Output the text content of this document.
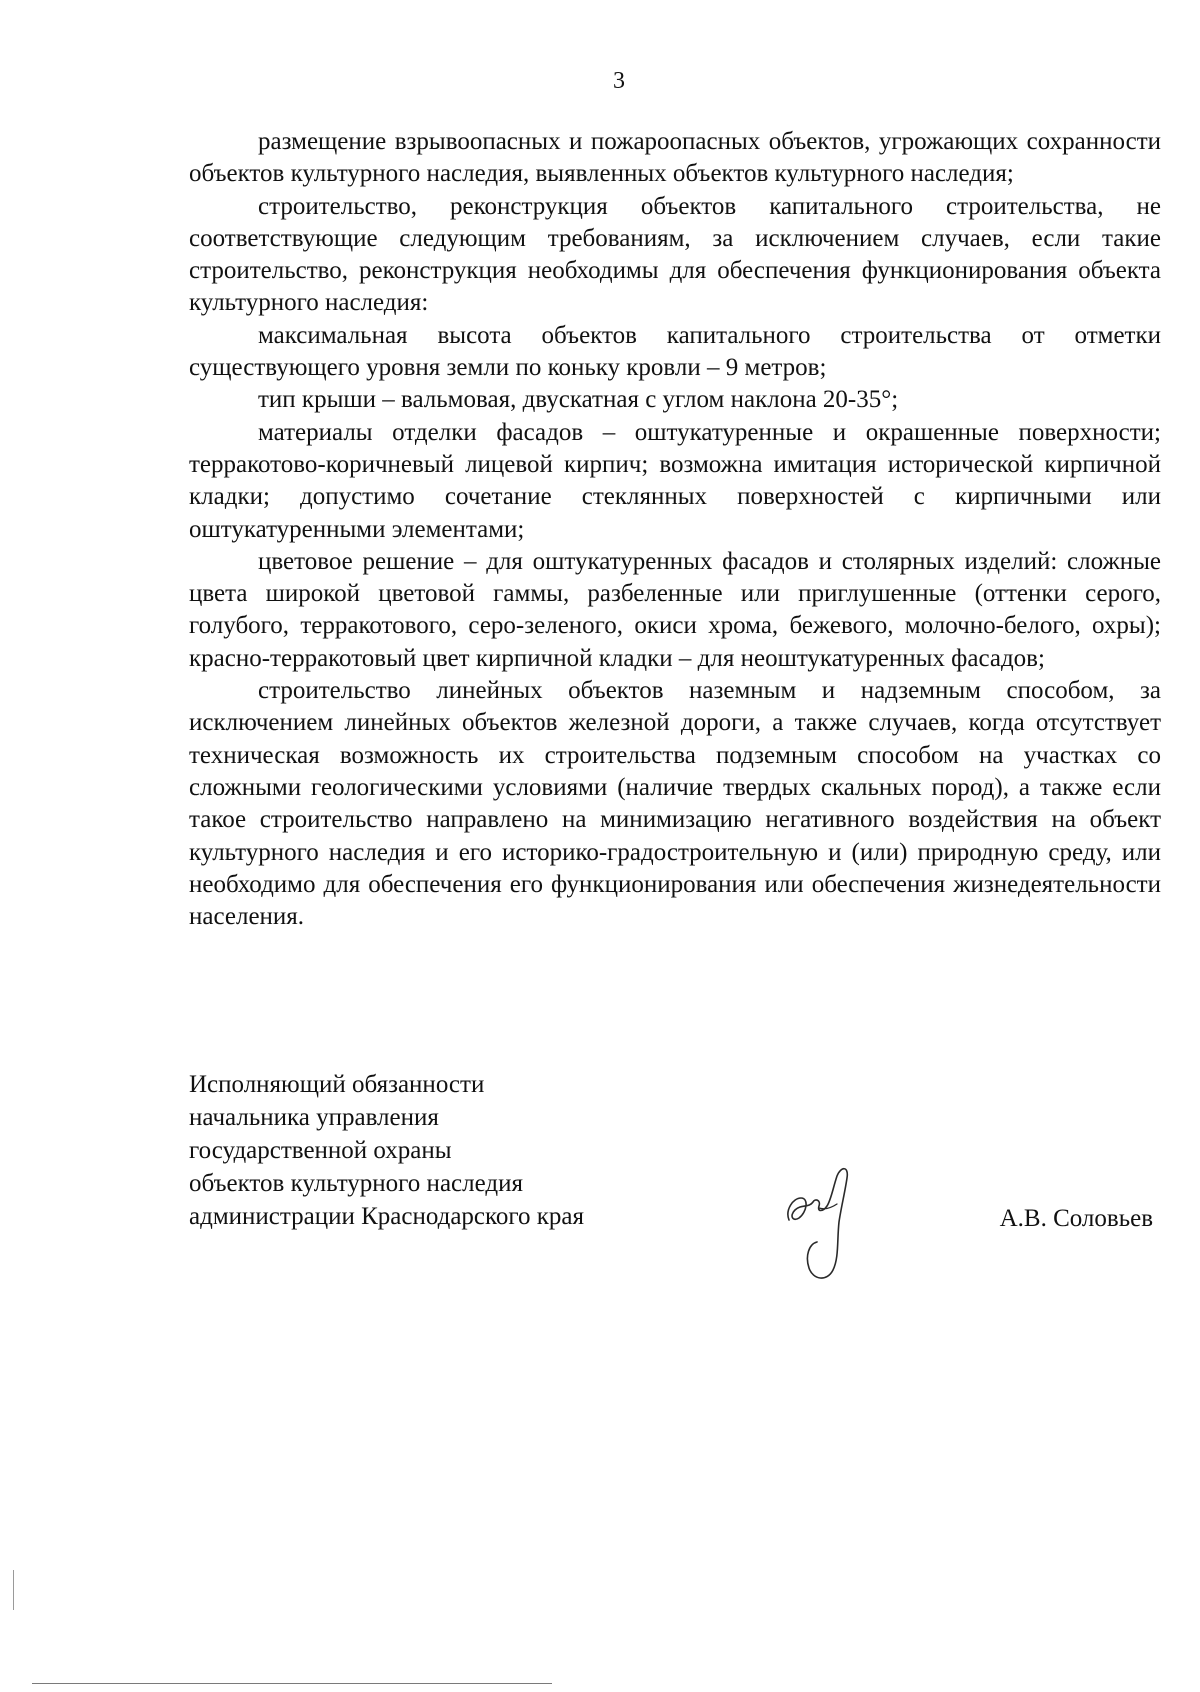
3

размещение взрывоопасных и пожароопасных объектов, угрожающих сохранности объектов культурного наследия, выявленных объектов культурного наследия;

строительство, реконструкция объектов капитального строительства, не соответствующие следующим требованиям, за исключением случаев, если такие строительство, реконструкция необходимы для обеспечения функционирования объекта культурного наследия:

максимальная высота объектов капитального строительства от отметки существующего уровня земли по коньку кровли – 9 метров;

тип крыши – вальмовая, двускатная с углом наклона 20-35°;

материалы отделки фасадов – оштукатуренные и окрашенные поверхности; терракотово-коричневый лицевой кирпич; возможна имитация исторической кирпичной кладки; допустимо сочетание стеклянных поверхностей с кирпичными или оштукатуренными элементами;

цветовое решение – для оштукатуренных фасадов и столярных изделий: сложные цвета широкой цветовой гаммы, разбеленные или приглушенные (оттенки серого, голубого, терракотового, серо-зеленого, окиси хрома, бежевого, молочно-белого, охры); красно-терракотовый цвет кирпичной кладки – для неоштукатуренных фасадов;

строительство линейных объектов наземным и надземным способом, за исключением линейных объектов железной дороги, а также случаев, когда отсутствует техническая возможность их строительства подземным способом на участках со сложными геологическими условиями (наличие твердых скальных пород), а также если такое строительство направлено на минимизацию негативного воздействия на объект культурного наследия и его историко-градостроительную и (или) природную среду, или необходимо для обеспечения его функционирования или обеспечения жизнедеятельности населения.

Исполняющий обязанности
начальника управления
государственной охраны
объектов культурного наследия
администрации Краснодарского края	А.В. Соловьев
